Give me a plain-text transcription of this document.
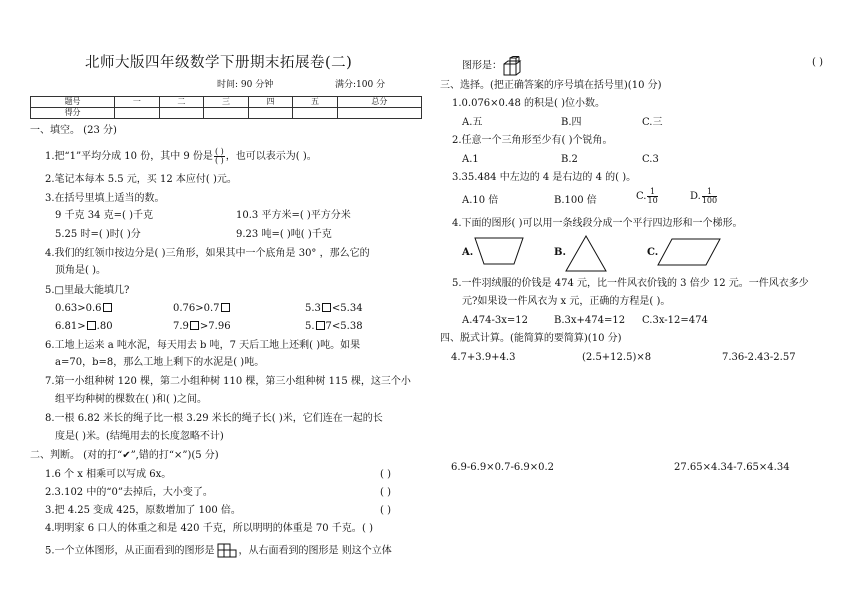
北师大版四年级数学下册期末拓展卷(二)
时间: 90 分钟	满分:100 分
题号	一	二	三	四	五	总分
得分						
一、填空。 (23 分)
1.把“1”平均分成 10 份，其中 9 份是 $\frac{( )}{( )}$ ，也可以表示为( )。
2.笔记本每本 5.5 元，买 12 本应付( )元。
3.在括号里填上适当的数。
9 千克 34 克=( )千克	10.3 平方米=( )平方分米
5.25 时=( )时( )分	9.23 吨=( )吨( )千克
4.我们的红领巾按边分是( )三角形，如果其中一个底角是 30° ，那么它的
顶角是( )。
5.□里最大能填几?
0.63>0.6	0.76>0.7	5.3 <5.34
6.81> .80	7.9 >7.96	5. 7<5.38
6.工地上运来 a 吨水泥，每天用去 b 吨，7 天后工地上还剩( )吨。如果
a=70，b=8，那么工地上剩下的水泥是( )吨。
7.第一小组种树 120 棵，第二小组种树 110 棵，第三小组种树 115 棵，这三个小
组平均种树的棵数在( )和( )之间。
8.一根 6.82 米长的绳子比一根 3.29 米长的绳子长( )米，它们连在一起的长
度是( )米。(结绳用去的长度忽略不计)
二、判断。 (对的打“✔”,错的打“×”)(5 分)
1.6 个 x 相乘可以写成 6x。	( )
2.3.102 中的“0”去掉后，大小变了。	( )
3.把 4.25 变成 425，原数增加了 100 倍。	( )
4.明明家 6 口人的体重之和是 420 千克，所以明明的体重是 70 千克。 ( )
5.一个立体图形，从正面看到的图形是 ，从右面看到的图形是 则这个立体
图形是：	( )
三、选择。(把正确答案的序号填在括号里)(10 分)
1.0.076×0.48 的积是( )位小数。
A.五	B.四	C.三
2.任意一个三角形至少有( )个锐角。
A.1	B.2	C.3
3.35.484 中左边的 4 是右边的 4 的( )。
A.10 倍	B.100 倍	C. $\frac{1}{10}$	D. $\frac{1}{100}$
4.下面的图形( )可以用一条线段分成一个平行四边形和一个梯形。
A.	B.	C.
5.一件羽绒服的价钱是 474 元，比一件风衣价钱的 3 倍少 12 元。一件风衣多少
元?如果设一件风衣为 x 元，正确的方程是( )。
A.474-3x=12	B.3x+474=12 C.3x-12=474
四、脱式计算。(能简算的要简算)(10 分)
4.7+3.9+4.3	(2.5+12.5)×8	7.36-2.43-2.57
6.9-6.9×0.7-6.9×0.2	27.65×4.34-7.65×4.34
